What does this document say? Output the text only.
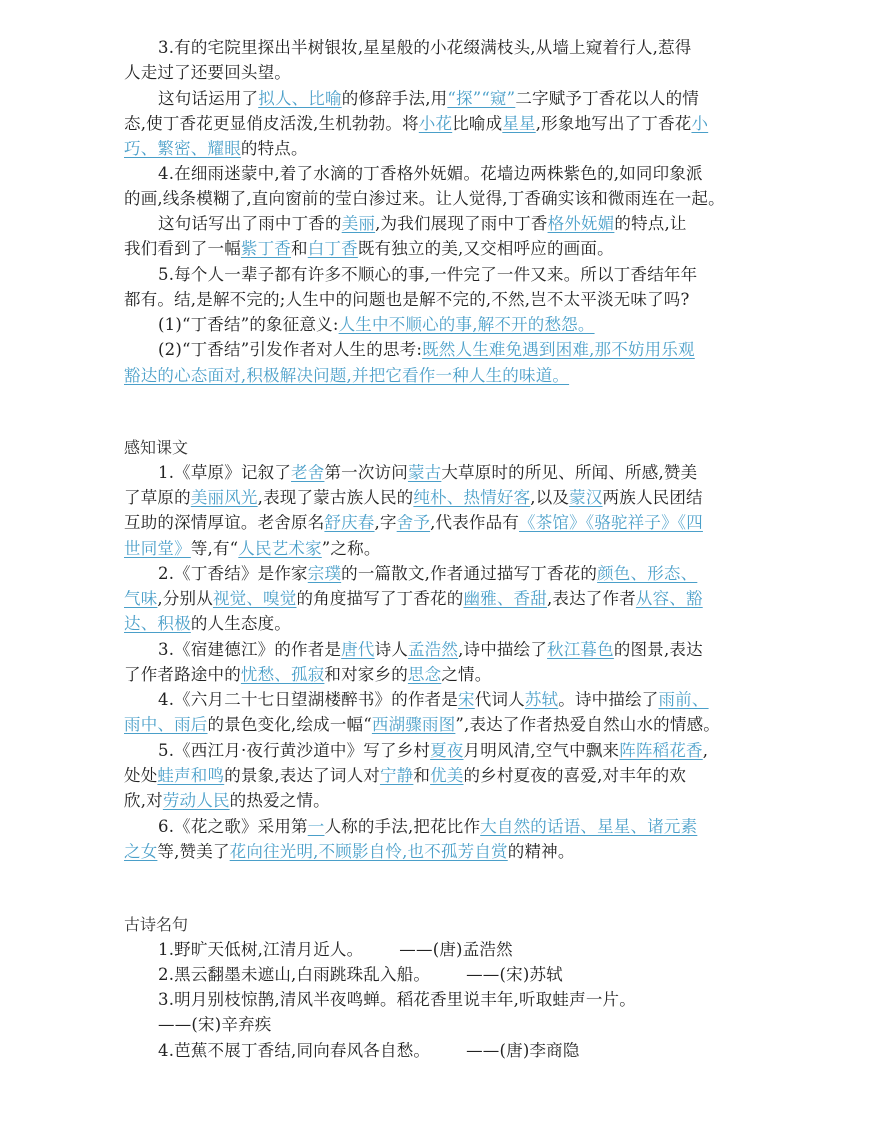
3.有的宅院里探出半树银妆,星星般的小花缀满枝头,从墙上窥着行人,惹得
人走过了还要回头望。
这句话运用了拟人、比喻的修辞手法,用“探”“窥”二字赋予丁香花以人的情
态,使丁香花更显俏皮活泼,生机勃勃。将小花比喻成星星,形象地写出了丁香花小
巧、繁密、耀眼的特点。
4.在细雨迷蒙中,着了水滴的丁香格外妩媚。花墙边两株紫色的,如同印象派
的画,线条模糊了,直向窗前的莹白渗过来。让人觉得,丁香确实该和微雨连在一起。
这句话写出了雨中丁香的美丽,为我们展现了雨中丁香格外妩媚的特点,让
我们看到了一幅紫丁香和白丁香既有独立的美,又交相呼应的画面。
5.每个人一辈子都有许多不顺心的事,一件完了一件又来。所以丁香结年年
都有。结,是解不完的;人生中的问题也是解不完的,不然,岂不太平淡无味了吗?
(1)“丁香结”的象征意义:人生中不顺心的事,解不开的愁怨。
(2)“丁香结”引发作者对人生的思考:既然人生难免遇到困难,那不妨用乐观
豁达的心态面对,积极解决问题,并把它看作一种人生的味道。
感知课文
1.《草原》记叙了老舍第一次访问蒙古大草原时的所见、所闻、所感,赞美
了草原的美丽风光,表现了蒙古族人民的纯朴、热情好客,以及蒙汉两族人民团结
互助的深情厚谊。老舍原名舒庆春,字舍予,代表作品有《茶馆》《骆驼祥子》《四
世同堂》等,有“人民艺术家”之称。
2.《丁香结》是作家宗璞的一篇散文,作者通过描写丁香花的颜色、形态、
气味,分别从视觉、嗅觉的角度描写了丁香花的幽雅、香甜,表达了作者从容、豁
达、积极的人生态度。
3.《宿建德江》的作者是唐代诗人孟浩然,诗中描绘了秋江暮色的图景,表达
了作者路途中的忧愁、孤寂和对家乡的思念之情。
4.《六月二十七日望湖楼醉书》的作者是宋代词人苏轼。诗中描绘了雨前、
雨中、雨后的景色变化,绘成一幅“西湖骤雨图”,表达了作者热爱自然山水的情感。
5.《西江月·夜行黄沙道中》写了乡村夏夜月明风清,空气中飘来阵阵稻花香,
处处蛙声和鸣的景象,表达了词人对宁静和优美的乡村夏夜的喜爱,对丰年的欢
欣,对劳动人民的热爱之情。
6.《花之歌》采用第一人称的手法,把花比作大自然的话语、星星、诸元素
之女等,赞美了花向往光明,不顾影自怜,也不孤芳自赏的精神。
古诗名句
1.野旷天低树,江清月近人。 ——(唐)孟浩然
2.黑云翻墨未遮山,白雨跳珠乱入船。 ——(宋)苏轼
3.明月别枝惊鹊,清风半夜鸣蝉。稻花香里说丰年,听取蛙声一片。
——(宋)辛弃疾
4.芭蕉不展丁香结,同向春风各自愁。 ——(唐)李商隐
